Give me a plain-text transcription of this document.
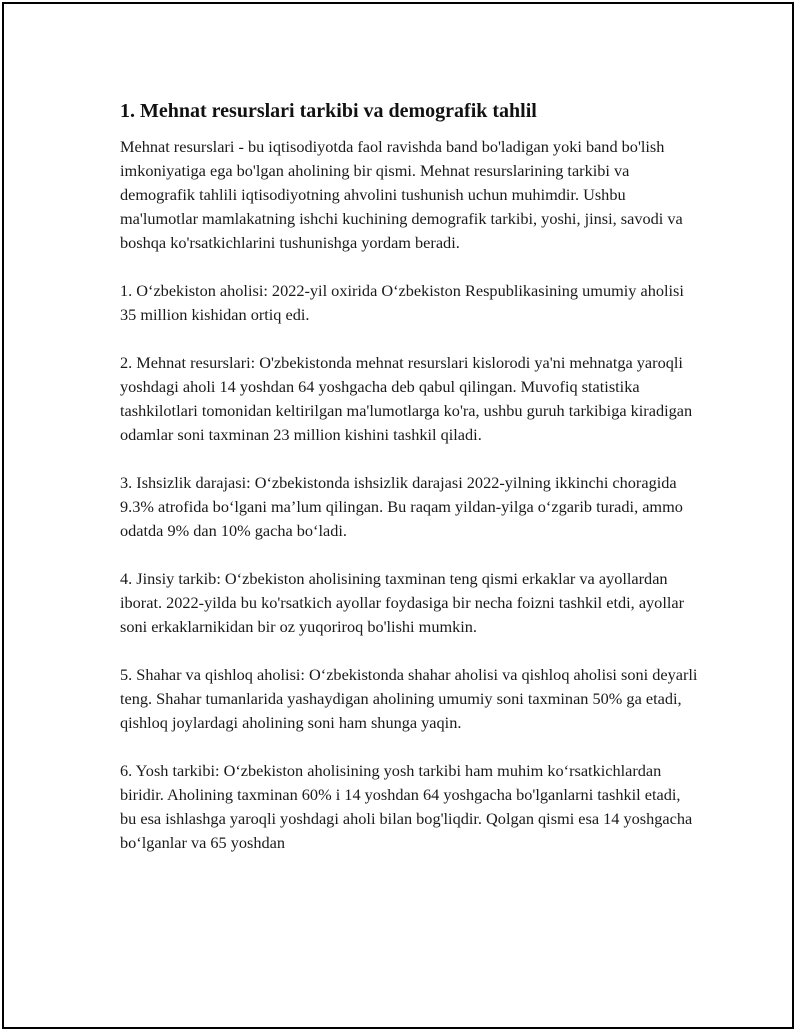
1. Mehnat resurslari tarkibi va demografik tahlil

Mehnat resurslari - bu iqtisodiyotda faol ravishda band bo'ladigan yoki band bo'lish imkoniyatiga ega bo'lgan aholining bir qismi. Mehnat resurslarining tarkibi va demografik tahlili iqtisodiyotning ahvolini tushunish uchun muhimdir. Ushbu ma'lumotlar mamlakatning ishchi kuchining demografik tarkibi, yoshi, jinsi, savodi va boshqa ko'rsatkichlarini tushunishga yordam beradi.

1. O‘zbekiston aholisi: 2022-yil oxirida O‘zbekiston Respublikasining umumiy aholisi 35 million kishidan ortiq edi.

2. Mehnat resurslari: O'zbekistonda mehnat resurslari kislorodi ya'ni mehnatga yaroqli yoshdagi aholi 14 yoshdan 64 yoshgacha deb qabul qilingan. Muvofiq statistika tashkilotlari tomonidan keltirilgan ma'lumotlarga ko'ra, ushbu guruh tarkibiga kiradigan odamlar soni taxminan 23 million kishini tashkil qiladi.

3. Ishsizlik darajasi: O‘zbekistonda ishsizlik darajasi 2022-yilning ikkinchi choragida 9.3% atrofida bo‘lgani ma’lum qilingan. Bu raqam yildan-yilga o‘zgarib turadi, ammo odatda 9% dan 10% gacha bo‘ladi.

4. Jinsiy tarkib: O‘zbekiston aholisining taxminan teng qismi erkaklar va ayollardan iborat. 2022-yilda bu ko'rsatkich ayollar foydasiga bir necha foizni tashkil etdi, ayollar soni erkaklarnikidan bir oz yuqoriroq bo'lishi mumkin.

5. Shahar va qishloq aholisi: O‘zbekistonda shahar aholisi va qishloq aholisi soni deyarli teng. Shahar tumanlarida yashaydigan aholining umumiy soni taxminan 50% ga etadi, qishloq joylardagi aholining soni ham shunga yaqin.

6. Yosh tarkibi: O‘zbekiston aholisining yosh tarkibi ham muhim ko‘rsatkichlardan biridir. Aholining taxminan 60% i 14 yoshdan 64 yoshgacha bo'lganlarni tashkil etadi, bu esa ishlashga yaroqli yoshdagi aholi bilan bog'liqdir. Qolgan qismi esa 14 yoshgacha bo‘lganlar va 65 yoshdan
